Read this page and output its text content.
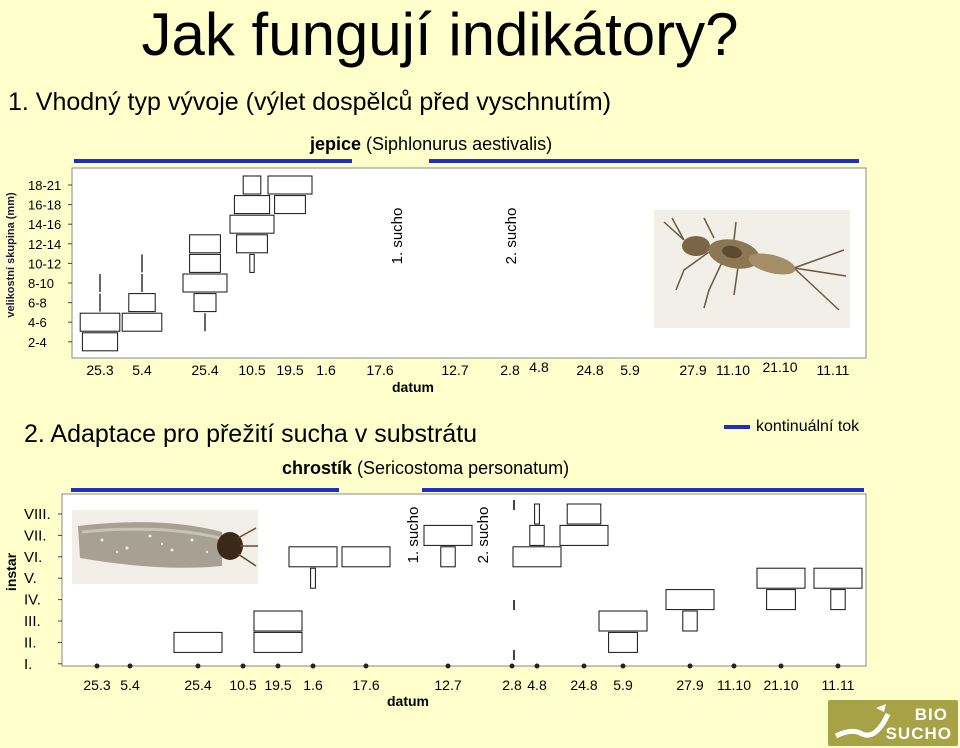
Jak fungují indikátory?
1. Vhodný typ vývoje (výlet dospělců před vyschnutím)
jepice (Siphlonurus aestivalis)
2. Adaptace pro přežití sucha v substrátu
chrostík (Sericostoma personatum)
kontinuální tok
2-4
4-6
6-8
8-10
10-12
12-14
14-16
16-18
18-21
velikostní skupina (mm)
25.3 5.4	25.4 10.5 19.5 1.6 17.6	12.7 2.8 4.8 24.8 5.9	27.9 11.10 21.10 11.11
datum
1. sucho	2. sucho
I.
II.
III.
IV.
V.
VI.
VII.
VIII.
instar
25.3 5.4	25.4 10.5 19.5 1.6 17.6	12.7	2.8 4.8 24.8 5.9	27.9 11.10 21.10 11.11
datum
1. sucho	2. sucho
BIO
SUCHO
